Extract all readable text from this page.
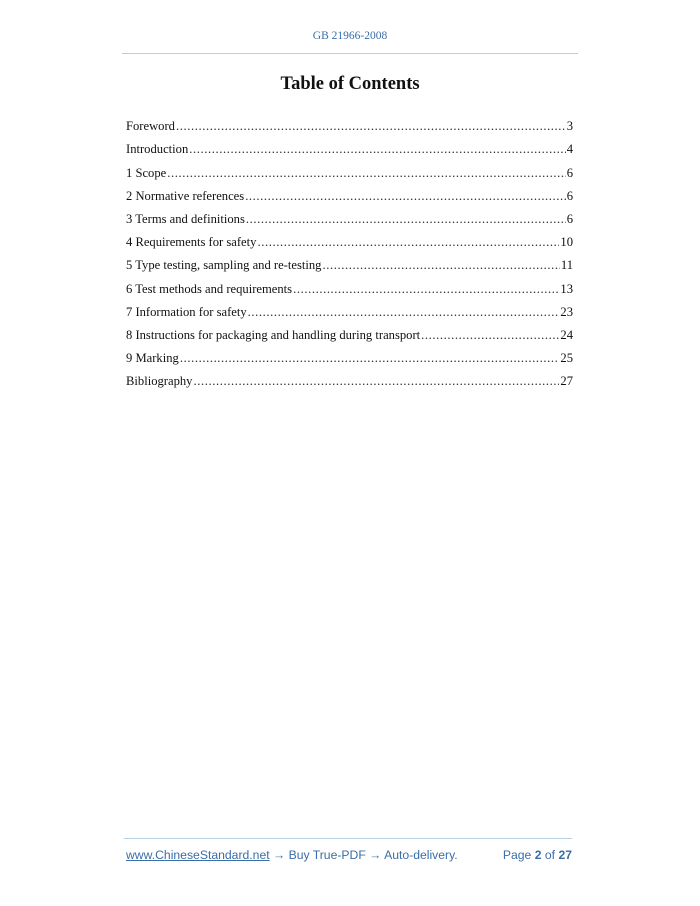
GB 21966-2008
Table of Contents
Foreword .....	3
Introduction .....	4
1 Scope .....	6
2 Normative references .....	6
3 Terms and definitions .....	6
4 Requirements for safety .....	10
5 Type testing, sampling and re-testing .....	11
6 Test methods and requirements .....	13
7 Information for safety .....	23
8 Instructions for packaging and handling during transport .....	24
9 Marking .....	25
Bibliography .....	27
www.ChineseStandard.net → Buy True-PDF → Auto-delivery.	Page 2 of 27
